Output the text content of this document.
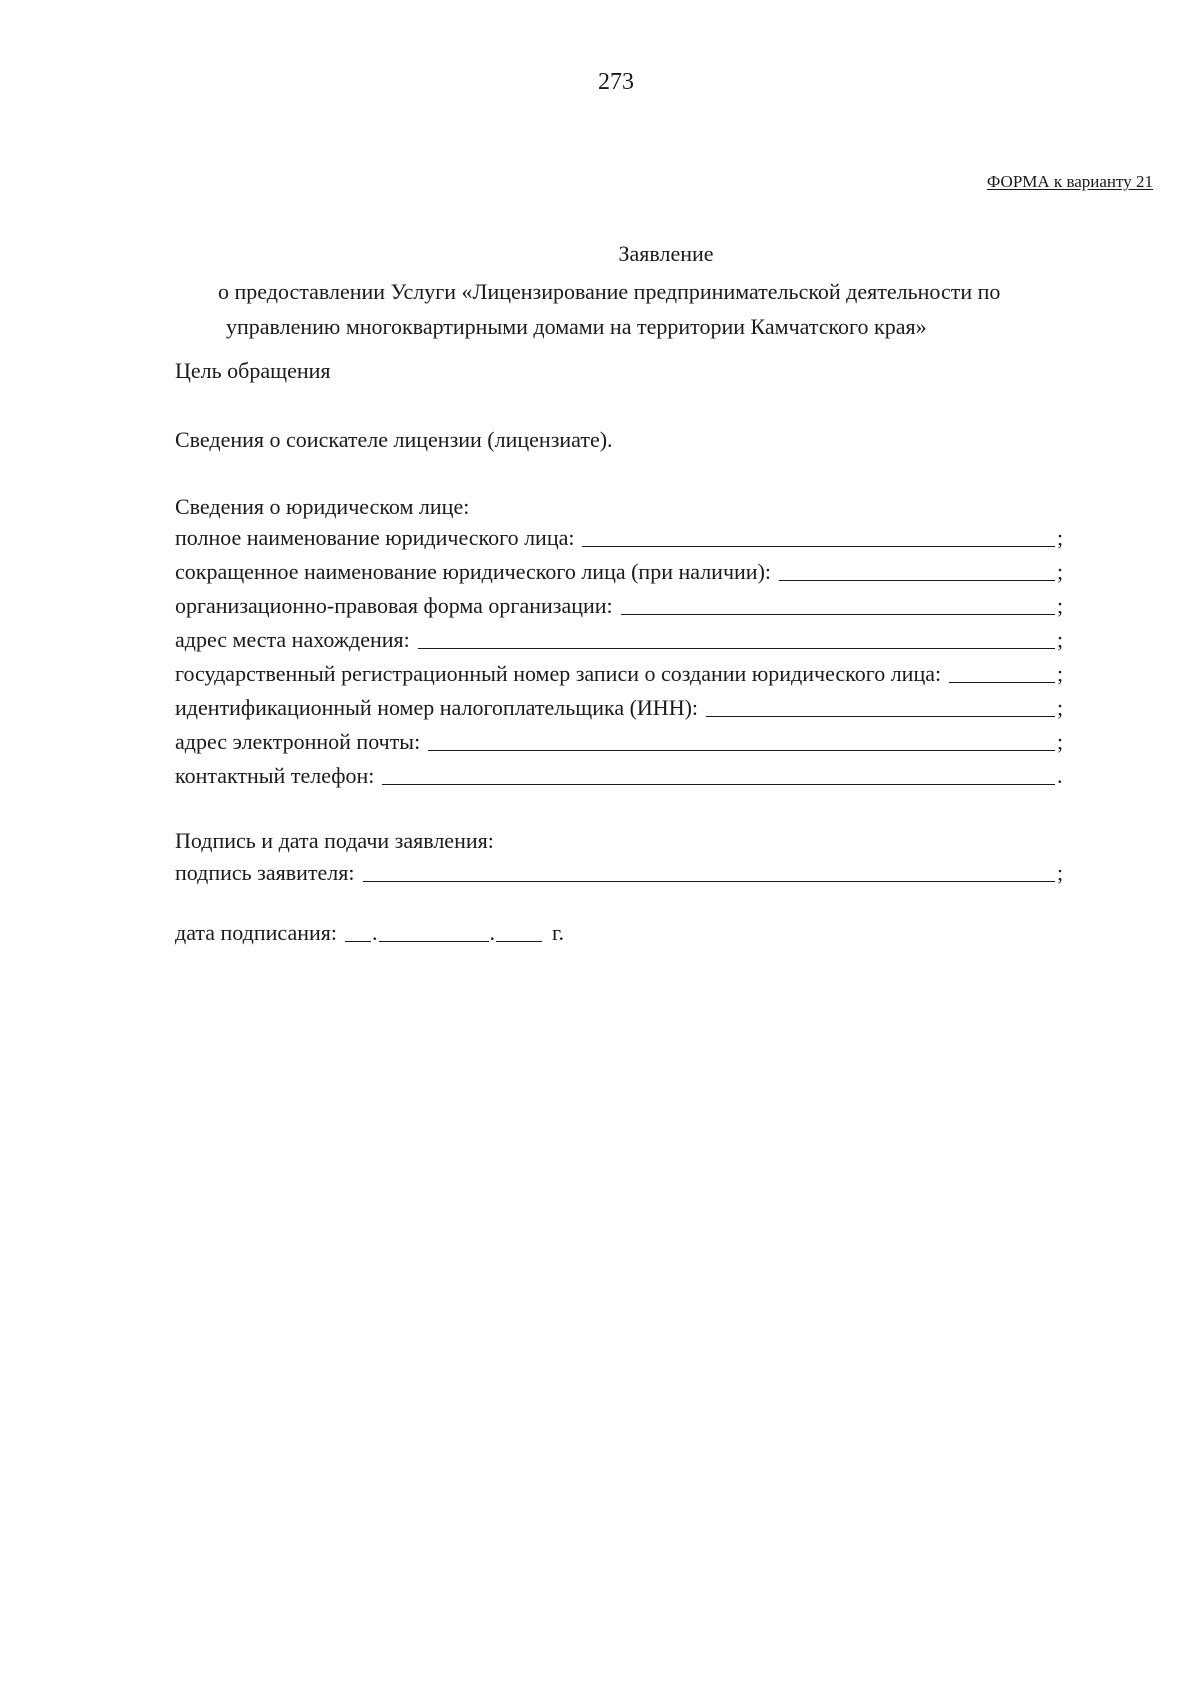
273
ФОРМА к варианту 21
Заявление
о предоставлении Услуги «Лицензирование предпринимательской деятельности по
управлению многоквартирными домами на территории Камчатского края»
Цель обращения
Сведения о соискателе лицензии (лицензиате).
Сведения о юридическом лице:
полное наименование юридического лица:	;
сокращенное наименование юридического лица (при наличии):	;
организационно-правовая форма организации:	;
адрес места нахождения:	;
государственный регистрационный номер записи о создании юридического лица:	;
идентификационный номер налогоплательщика (ИНН):	;
адрес электронной почты:	;
контактный телефон:	.
Подпись и дата подачи заявления:
подпись заявителя:	;
дата подписания: .	.	г.
